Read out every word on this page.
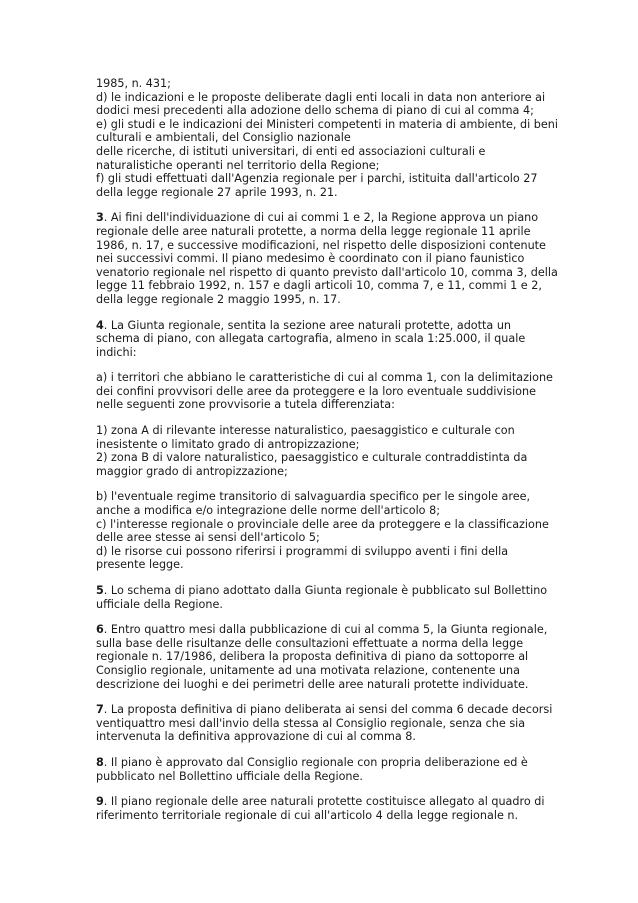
1985, n. 431;
d) le indicazioni e le proposte deliberate dagli enti locali in data non anteriore ai
dodici mesi precedenti alla adozione dello schema di piano di cui al comma 4;
e) gli studi e le indicazioni dei Ministeri competenti in materia di ambiente, di beni
culturali e ambientali, del Consiglio nazionale
delle ricerche, di istituti universitari, di enti ed associazioni culturali e
naturalistiche operanti nel territorio della Regione;
f) gli studi effettuati dall'Agenzia regionale per i parchi, istituita dall'articolo 27
della legge regionale 27 aprile 1993, n. 21.

3. Ai fini dell'individuazione di cui ai commi 1 e 2, la Regione approva un piano
regionale delle aree naturali protette, a norma della legge regionale 11 aprile
1986, n. 17, e successive modificazioni, nel rispetto delle disposizioni contenute
nei successivi commi. Il piano medesimo è coordinato con il piano faunistico
venatorio regionale nel rispetto di quanto previsto dall'articolo 10, comma 3, della
legge 11 febbraio 1992, n. 157 e dagli articoli 10, comma 7, e 11, commi 1 e 2,
della legge regionale 2 maggio 1995, n. 17.

4. La Giunta regionale, sentita la sezione aree naturali protette, adotta un
schema di piano, con allegata cartografia, almeno in scala 1:25.000, il quale
indichi:

a) i territori che abbiano le caratteristiche di cui al comma 1, con la delimitazione
dei confini provvisori delle aree da proteggere e la loro eventuale suddivisione
nelle seguenti zone provvisorie a tutela differenziata:

1) zona A di rilevante interesse naturalistico, paesaggistico e culturale con
inesistente o limitato grado di antropizzazione;
2) zona B di valore naturalistico, paesaggistico e culturale contraddistinta da
maggior grado di antropizzazione;

b) l'eventuale regime transitorio di salvaguardia specifico per le singole aree,
anche a modifica e/o integrazione delle norme dell'articolo 8;
c) l'interesse regionale o provinciale delle aree da proteggere e la classificazione
delle aree stesse ai sensi dell'articolo 5;
d) le risorse cui possono riferirsi i programmi di sviluppo aventi i fini della
presente legge.

5. Lo schema di piano adottato dalla Giunta regionale è pubblicato sul Bollettino
ufficiale della Regione.

6. Entro quattro mesi dalla pubblicazione di cui al comma 5, la Giunta regionale,
sulla base delle risultanze delle consultazioni effettuate a norma della legge
regionale n. 17/1986, delibera la proposta definitiva di piano da sottoporre al
Consiglio regionale, unitamente ad una motivata relazione, contenente una
descrizione dei luoghi e dei perimetri delle aree naturali protette individuate.

7. La proposta definitiva di piano deliberata ai sensi del comma 6 decade decorsi
ventiquattro mesi dall'invio della stessa al Consiglio regionale, senza che sia
intervenuta la definitiva approvazione di cui al comma 8.

8. Il piano è approvato dal Consiglio regionale con propria deliberazione ed è
pubblicato nel Bollettino ufficiale della Regione.

9. Il piano regionale delle aree naturali protette costituisce allegato al quadro di
riferimento territoriale regionale di cui all'articolo 4 della legge regionale n.
